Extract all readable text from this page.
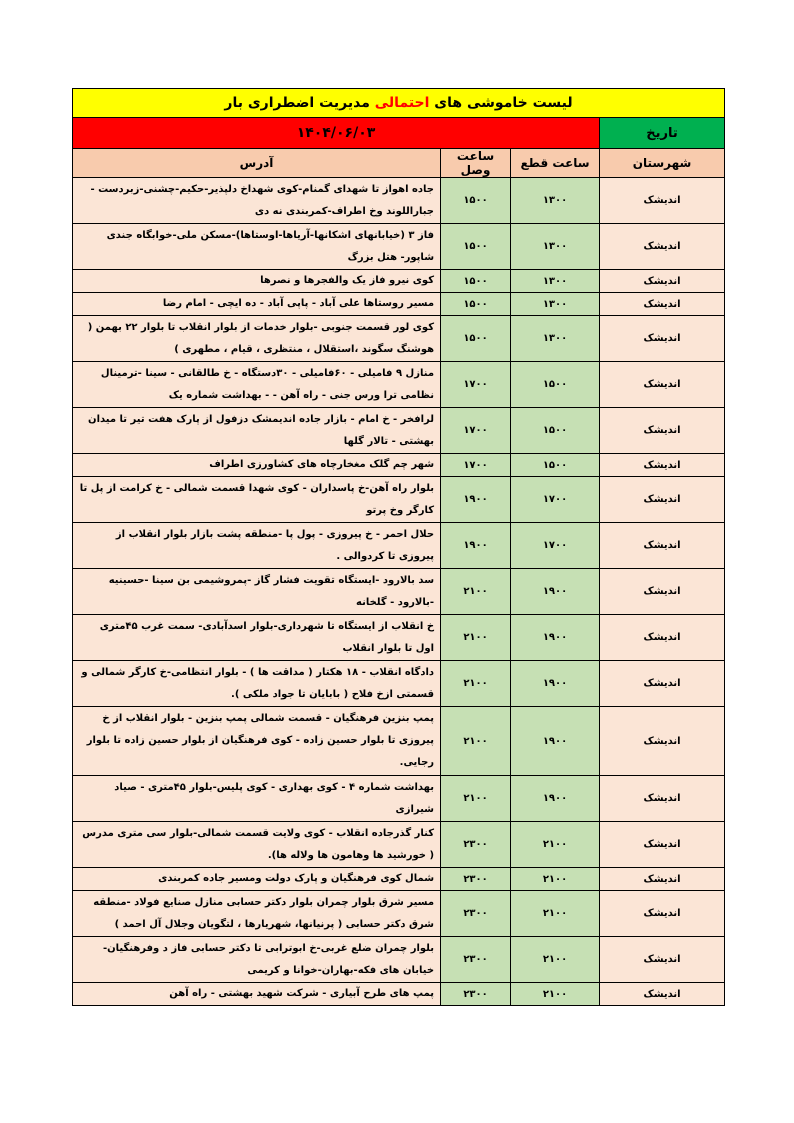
لیست خاموشی های احتمالی مدیریت اضطراری بار			
تاریخ	۱۴۰۴/۰۶/۰۳		
شهرستان	ساعت قطع	ساعت وصل	آدرس
اندیشک	۱۳۰۰	۱۵۰۰	جاده اهواز تا شهدای گمنام-کوی شهداخ دلپذیر-حکیم-چشنی-زبردست - جباراللوند وخ اطراف-کمربندی نه دی

اندیشک	۱۳۰۰	۱۵۰۰	فاز ۳ (خیابانهای اشکانها-آریاها-اوستاها)-مسکن ملی-خوابگاه جندی شاپور- هتل بزرگ

اندیشک	۱۳۰۰	۱۵۰۰	کوی نیرو فاز یک والفجرها و نصرها

اندیشک	۱۳۰۰	۱۵۰۰	مسیر روستاها علی آباد - پاپی آباد - ده ایچی - امام رضا

اندیشک	۱۳۰۰	۱۵۰۰	کوی لور قسمت جنوبی -بلوار خدمات از بلوار انقلاب تا بلوار ۲۲ بهمن ( هوشنگ سگوند ،استقلال ، منتظری ، قیام ، مطهری )

اندیشک	۱۵۰۰	۱۷۰۰	منازل ۹ فامیلی - ۶۰فامیلی - ۳۰دستگاه - خ طالقانی - سینا -ترمینال نظامی ترا ورس جنی - راه آهن - - بهداشت شماره یک

اندیشک	۱۵۰۰	۱۷۰۰	لرافخر - خ امام - بازار جاده اندیمشک دزفول از پارک هفت تیر تا میدان بهشتی - تالار گلها

اندیشک	۱۵۰۰	۱۷۰۰	شهر چم گلک مغخارچاه های کشاورزی اطراف

اندیشک	۱۷۰۰	۱۹۰۰	بلوار راه آهن-خ پاسداران - کوی شهدا قسمت شمالی - خ کرامت از پل تا کارگر وخ پرتو

اندیشک	۱۷۰۰	۱۹۰۰	حلال احمر - خ پیروزی - پول پا -منطقه پشت بازار بلوار انقلاب از پیروزی تا کردوالی .

اندیشک	۱۹۰۰	۲۱۰۰	سد بالارود -ایستگاه تقویت فشار گاز -پمروشیمی بن سینا -حسینیه -بالارود - گلخانه

اندیشک	۱۹۰۰	۲۱۰۰	خ انقلاب از ایستگاه تا شهرداری-بلوار اسدآبادی- سمت غرب ۴۵متری اول تا بلوار انقلاب

اندیشک	۱۹۰۰	۲۱۰۰	دادگاه انقلاب - ۱۸ هکتار ( مداقت ها ) - بلوار انتظامی-خ کارگر شمالی و قسمتی ازخ فلاح ( بابایان تا جواد ملکی ).

اندیشک	۱۹۰۰	۲۱۰۰	پمپ بنزین فرهنگیان - قسمت شمالی پمپ بنزین - بلوار انقلاب از خ پیروزی تا بلوار حسین زاده - کوی فرهنگیان از بلوار حسین زاده تا بلوار رجایی.

اندیشک	۱۹۰۰	۲۱۰۰	بهداشت شماره ۴ - کوی بهداری - کوی پلیس-بلوار ۴۵متری - صیاد شیرازی

اندیشک	۲۱۰۰	۲۳۰۰	کنار گذرجاده انقلاب - کوی ولایت قسمت شمالی-بلوار سی متری مدرس ( خورشید ها وهامون ها ولاله ها).

اندیشک	۲۱۰۰	۲۳۰۰	شمال کوی فرهنگیان و پارک دولت ومسیر جاده کمربندی

اندیشک	۲۱۰۰	۲۳۰۰	مسیر شرق بلوار چمران بلوار دکتر حسابی منازل صنایع فولاد -منطقه شرق دکتر حسابی ( پرنیانها، شهریارها ، لتگویان وجلال آل احمد )

اندیشک	۲۱۰۰	۲۳۰۰	بلوار چمران ضلع غربی-خ ابوترابی تا دکتر حسابی فاز د وفرهنگیان-خیابان های فکه-بهاران-خوانا و کریمی

اندیشک	۲۱۰۰	۲۳۰۰	پمپ های طرح آبیاری - شرکت شهید بهشتی - راه آهن
